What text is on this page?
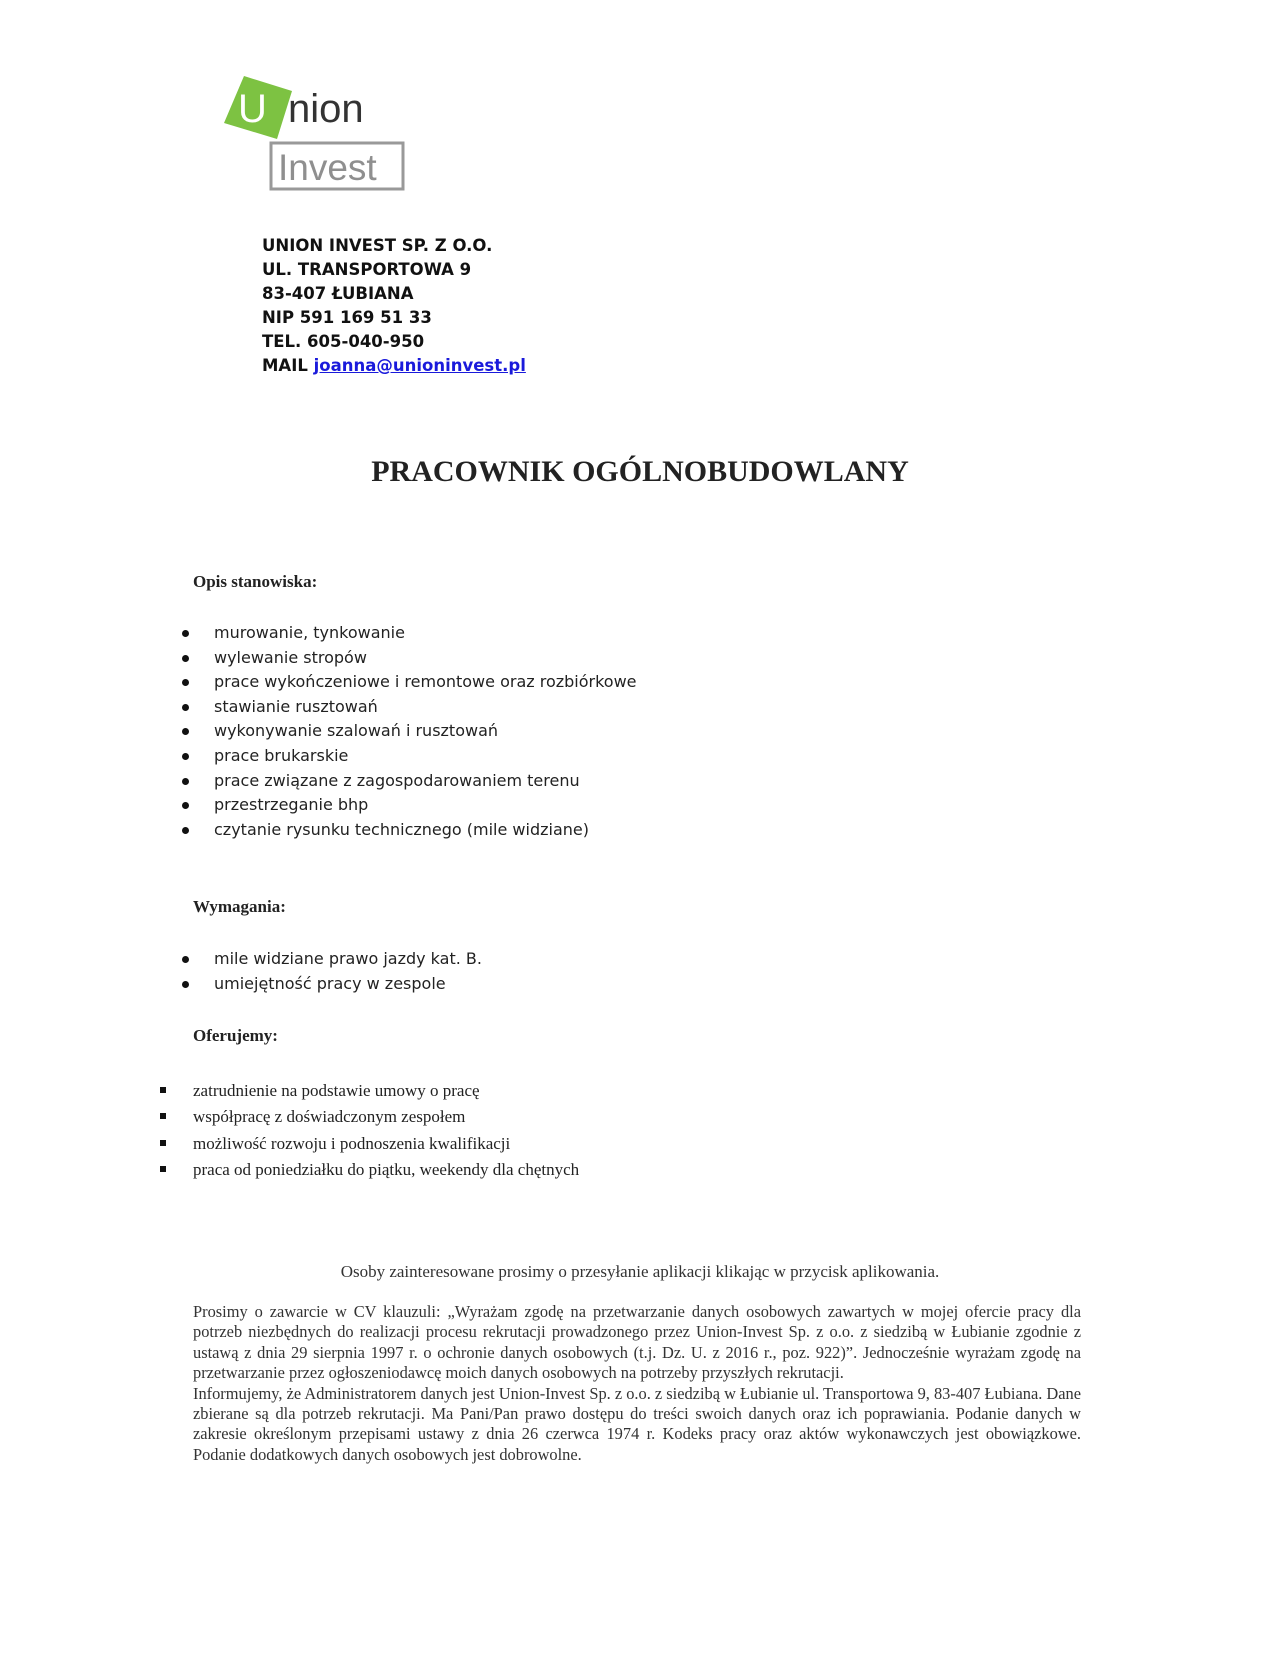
U nion
Invest
UNION INVEST SP. Z O.O.
UL. TRANSPORTOWA 9
83-407 ŁUBIANA
NIP 591 169 51 33
TEL. 605-040-950
MAIL joanna@unioninvest.pl
PRACOWNIK OGÓLNOBUDOWLANY
Opis stanowiska:
murowanie, tynkowanie
wylewanie stropów
prace wykończeniowe i remontowe oraz rozbiórkowe
stawianie rusztowań
wykonywanie szalowań i rusztowań
prace brukarskie
prace związane z zagospodarowaniem terenu
przestrzeganie bhp
czytanie rysunku technicznego (mile widziane)
Wymagania:
mile widziane prawo jazdy kat. B.
umiejętność pracy w zespole
Oferujemy:
zatrudnienie na podstawie umowy o pracę
współpracę z doświadczonym zespołem
możliwość rozwoju i podnoszenia kwalifikacji
praca od poniedziałku do piątku, weekendy dla chętnych

Osoby zainteresowane prosimy o przesyłanie aplikacji klikając w przycisk aplikowania.

Prosimy o zawarcie w CV klauzuli: „Wyrażam zgodę na przetwarzanie danych osobowych zawartych w mojej ofercie pracy dla potrzeb niezbędnych do realizacji procesu rekrutacji prowadzonego przez Union-Invest Sp. z o.o. z siedzibą w Łubianie zgodnie z ustawą z dnia 29 sierpnia 1997 r. o ochronie danych osobowych (t.j. Dz. U. z 2016 r., poz. 922)”. Jednocześnie wyrażam zgodę na przetwarzanie przez ogłoszeniodawcę moich danych osobowych na potrzeby przyszłych rekrutacji.

Informujemy, że Administratorem danych jest Union-Invest Sp. z o.o. z siedzibą w Łubianie ul. Transportowa 9, 83-407 Łubiana. Dane zbierane są dla potrzeb rekrutacji. Ma Pani/Pan prawo dostępu do treści swoich danych oraz ich poprawiania. Podanie danych w zakresie określonym przepisami ustawy z dnia 26 czerwca 1974 r. Kodeks pracy oraz aktów wykonawczych jest obowiązkowe. Podanie dodatkowych danych osobowych jest dobrowolne.
